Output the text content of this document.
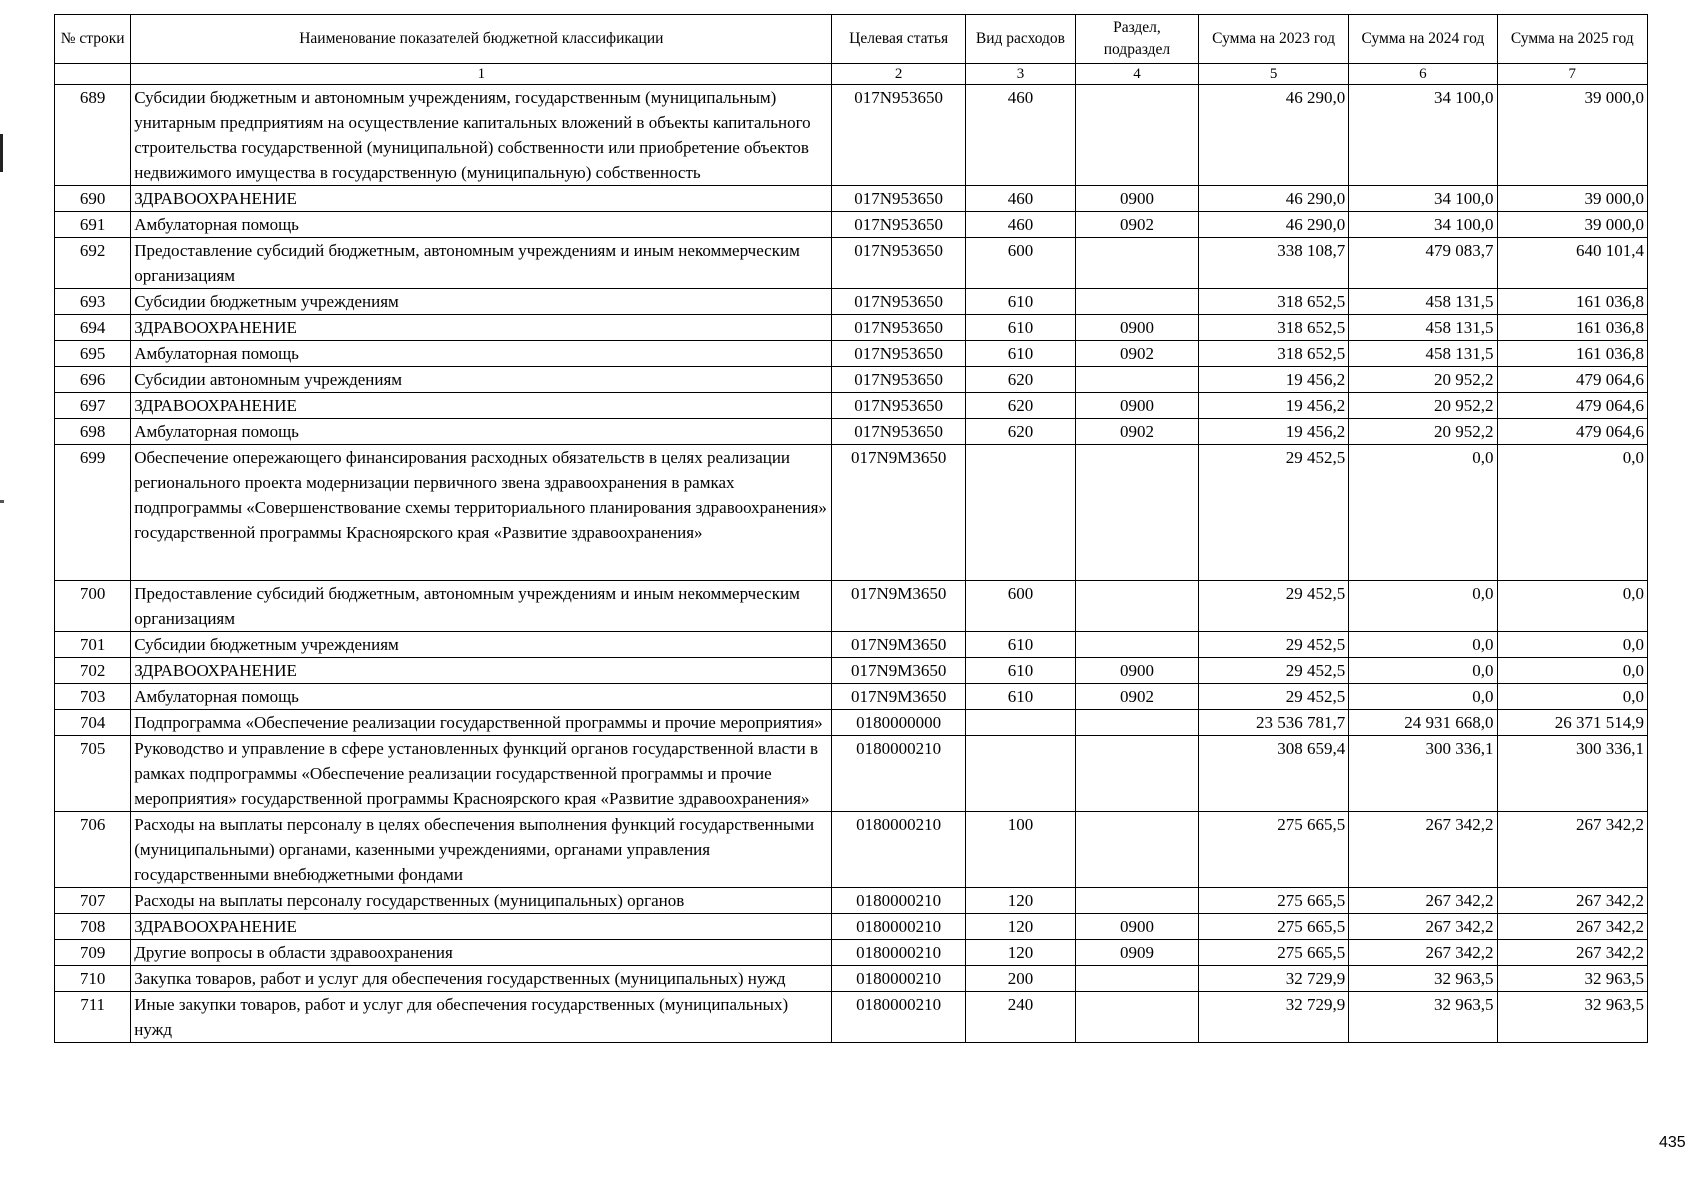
№ строки	Наименование показателей бюджетной классификации	Целевая статья	Вид расходов	Раздел, подраздел	Сумма на 2023 год	Сумма на 2024 год	Сумма на 2025 год
	1	2	3	4	5	6	7
689	Субсидии бюджетным и автономным учреждениям, государственным (муниципальным) унитарным предприятиям на осуществление капитальных вложений в объекты капитального строительства государственной (муниципальной) собственности или приобретение объектов недвижимого имущества в государственную (муниципальную) собственность	017N953650	460		46 290,0	34 100,0	39 000,0
690	ЗДРАВООХРАНЕНИЕ	017N953650	460	0900	46 290,0	34 100,0	39 000,0
691	Амбулаторная помощь	017N953650	460	0902	46 290,0	34 100,0	39 000,0
692	Предоставление субсидий бюджетным, автономным учреждениям и иным некоммерческим организациям	017N953650	600		338 108,7	479 083,7	640 101,4
693	Субсидии бюджетным учреждениям	017N953650	610		318 652,5	458 131,5	161 036,8
694	ЗДРАВООХРАНЕНИЕ	017N953650	610	0900	318 652,5	458 131,5	161 036,8
695	Амбулаторная помощь	017N953650	610	0902	318 652,5	458 131,5	161 036,8
696	Субсидии автономным учреждениям	017N953650	620		19 456,2	20 952,2	479 064,6
697	ЗДРАВООХРАНЕНИЕ	017N953650	620	0900	19 456,2	20 952,2	479 064,6
698	Амбулаторная помощь	017N953650	620	0902	19 456,2	20 952,2	479 064,6
699	Обеспечение опережающего финансирования расходных обязательств в целях реализации регионального проекта модернизации первичного звена здравоохранения в рамках подпрограммы «Совершенствование схемы территориального планирования здравоохранения» государственной программы Красноярского края «Развитие здравоохранения»	017N9M3650			29 452,5	0,0	0,0
700	Предоставление субсидий бюджетным, автономным учреждениям и иным некоммерческим организациям	017N9M3650	600		29 452,5	0,0	0,0
701	Субсидии бюджетным учреждениям	017N9M3650	610		29 452,5	0,0	0,0
702	ЗДРАВООХРАНЕНИЕ	017N9M3650	610	0900	29 452,5	0,0	0,0
703	Амбулаторная помощь	017N9M3650	610	0902	29 452,5	0,0	0,0
704	Подпрограмма «Обеспечение реализации государственной программы и прочие мероприятия»	0180000000			23 536 781,7	24 931 668,0	26 371 514,9
705	Руководство и управление в сфере установленных функций органов государственной власти в рамках подпрограммы «Обеспечение реализации государственной программы и прочие мероприятия» государственной программы Красноярского края «Развитие здравоохранения»	0180000210			308 659,4	300 336,1	300 336,1
706	Расходы на выплаты персоналу в целях обеспечения выполнения функций государственными (муниципальными) органами, казенными учреждениями, органами управления государственными внебюджетными фондами	0180000210	100		275 665,5	267 342,2	267 342,2
707	Расходы на выплаты персоналу государственных (муниципальных) органов	0180000210	120		275 665,5	267 342,2	267 342,2
708	ЗДРАВООХРАНЕНИЕ	0180000210	120	0900	275 665,5	267 342,2	267 342,2
709	Другие вопросы в области здравоохранения	0180000210	120	0909	275 665,5	267 342,2	267 342,2
710	Закупка товаров, работ и услуг для обеспечения государственных (муниципальных) нужд	0180000210	200		32 729,9	32 963,5	32 963,5
711	Иные закупки товаров, работ и услуг для обеспечения государственных (муниципальных) нужд	0180000210	240		32 729,9	32 963,5	32 963,5
435
